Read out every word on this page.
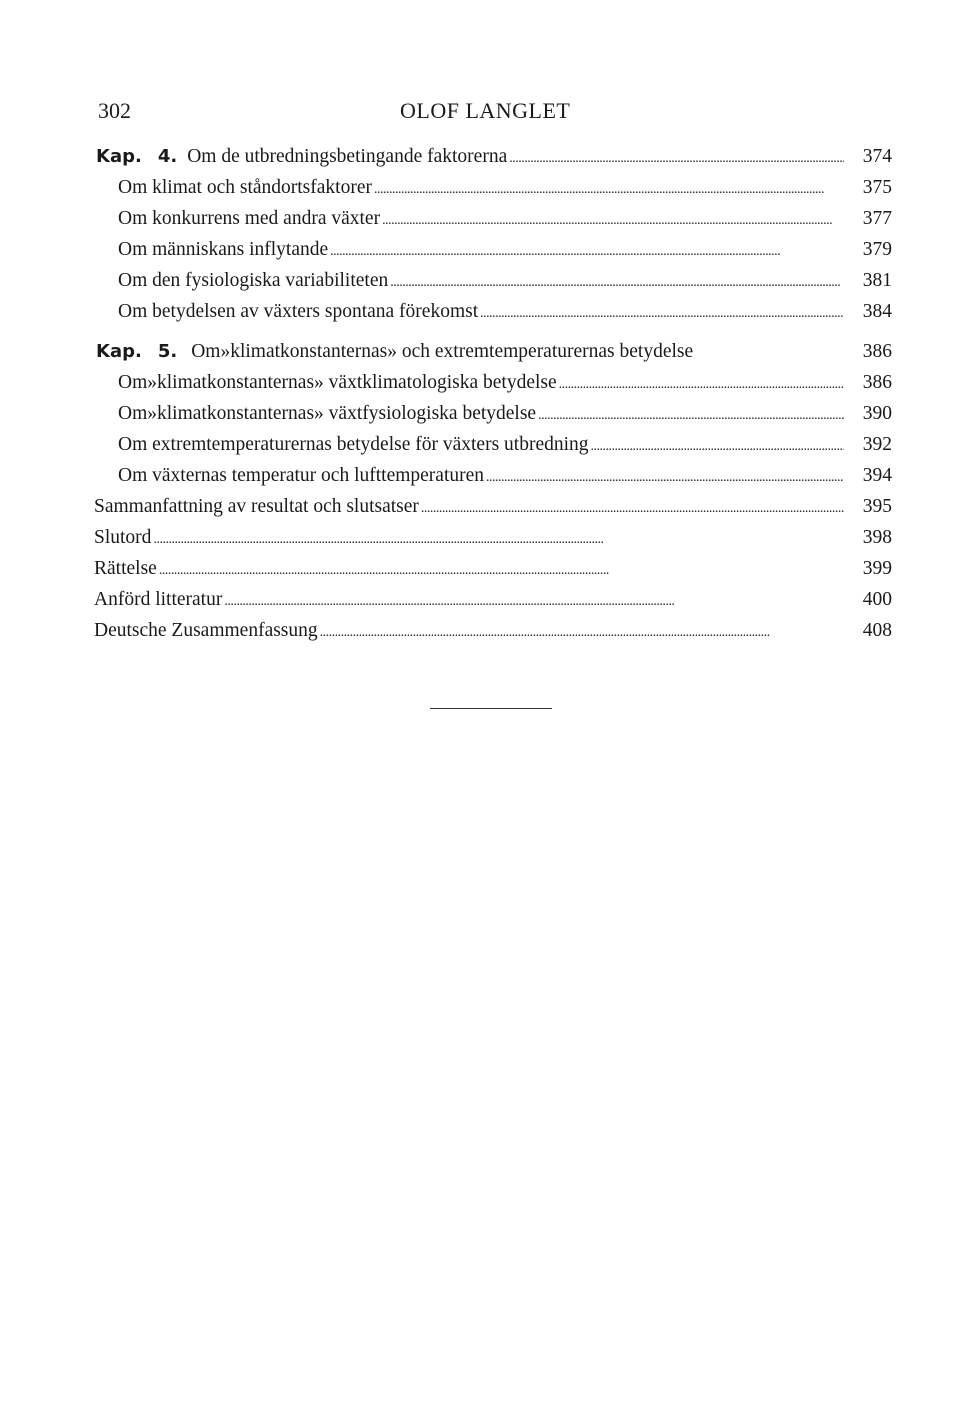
302	OLOF LANGLET
Kap. 4. Om de utbredningsbetingande faktorerna . . .	374
Om klimat och ståndortsfaktorer . . .	375
Om konkurrens med andra växter . . .	377
Om människans inflytande . . .	379
Om den fysiologiska variabiliteten . . .	381
Om betydelsen av växters spontana förekomst . . .	384
Kap. 5. Om»klimatkonstanternas» och extremtemperaturernas betydelse	386
Om»klimatkonstanternas» växtklimatologiska betydelse . . .	386
Om»klimatkonstanternas» växtfysiologiska betydelse . . .	390
Om extremtemperaturernas betydelse för växters utbredning . . .	392
Om växternas temperatur och lufttemperaturen . . .	394
Sammanfattning av resultat och slutsatser . . .	395
Slutord . . .	398
Rättelse . . .	399
Anförd litteratur . . .	400
Deutsche Zusammenfassung . . .	408
